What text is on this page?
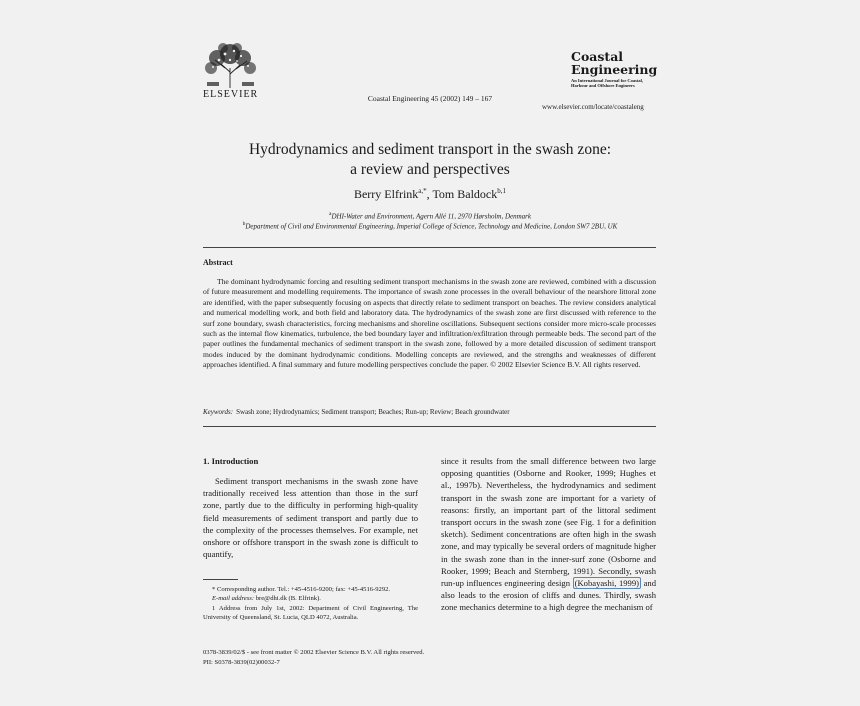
ELSEVIER	Coastal Engineering 45 (2002) 149 – 167
Coastal
Engineering
An International Journal for Coastal, Harbour and Offshore Engineers
www.elsevier.com/locate/coastaleng
Hydrodynamics and sediment transport in the swash zone:
a review and perspectives
Berry Elfrink$^{a,*}$, Tom Baldock$^{b,1}$
$^a$DHI-Water and Environment, Agern Allé 11, 2970 Hørsholm, Denmark
$^b$Department of Civil and Environmental Engineering, Imperial College of Science, Technology and Medicine, London SW7 2BU, UK
Abstract
The dominant hydrodynamic forcing and resulting sediment transport mechanisms in the swash zone are reviewed, combined with a discussion of future measurement and modelling requirements. The importance of swash zone processes in the overall behaviour of the nearshore littoral zone are identified, with the paper subsequently focusing on aspects that directly relate to sediment transport on beaches. The review considers analytical and numerical modelling work, and both field and laboratory data. The hydrodynamics of the swash zone are first discussed with reference to the surf zone boundary, swash characteristics, forcing mechanisms and shoreline oscillations. Subsequent sections consider more micro-scale processes such as the internal flow kinematics, turbulence, the bed boundary layer and infiltration/exfiltration through permeable beds. The second part of the paper outlines the fundamental mechanics of sediment transport in the swash zone, followed by a more detailed discussion of sediment transport modes induced by the dominant hydrodynamic conditions. Modelling concepts are reviewed, and the strengths and weaknesses of different approaches identified. A final summary and future modelling perspectives conclude the paper. © 2002 Elsevier Science B.V. All rights reserved.
Keywords: Swash zone; Hydrodynamics; Sediment transport; Beaches; Run-up; Review; Beach groundwater
1. Introduction
Sediment transport mechanisms in the swash zone have traditionally received less attention than those in the surf zone, partly due to the difficulty in performing high-quality field measurements of sediment transport and partly due to the complexity of the processes themselves. For example, net onshore or offshore transport in the swash zone is difficult to quantify,
since it results from the small difference between two large opposing quantities (Osborne and Rooker, 1999; Hughes et al., 1997b). Nevertheless, the hydrodynamics and sediment transport in the swash zone are important for a variety of reasons: firstly, an important part of the littoral sediment transport occurs in the swash zone (see Fig. 1 for a definition sketch). Sediment concentrations are often high in the swash zone, and may typically be several orders of magnitude higher in the swash zone than in the inner-surf zone (Osborne and Rooker, 1999; Beach and Sternberg, 1991). Secondly, swash run-up influences engineering design (Kobayashi, 1999) and also leads to the erosion of cliffs and dunes. Thirdly, swash zone mechanics determine to a high degree the mechanism of

* Corresponding author. Tel.: +45-4516-9200; fax: +45-4516-9292.

E-mail address: bre@dhi.dk (B. Elfrink).

1 Address from July 1st, 2002: Department of Civil Engineering, The University of Queensland, St. Lucia, QLD 4072, Australia.

0378-3839/02/$ - see front matter © 2002 Elsevier Science B.V. All rights reserved.
PII: S0378-3839(02)00032-7
